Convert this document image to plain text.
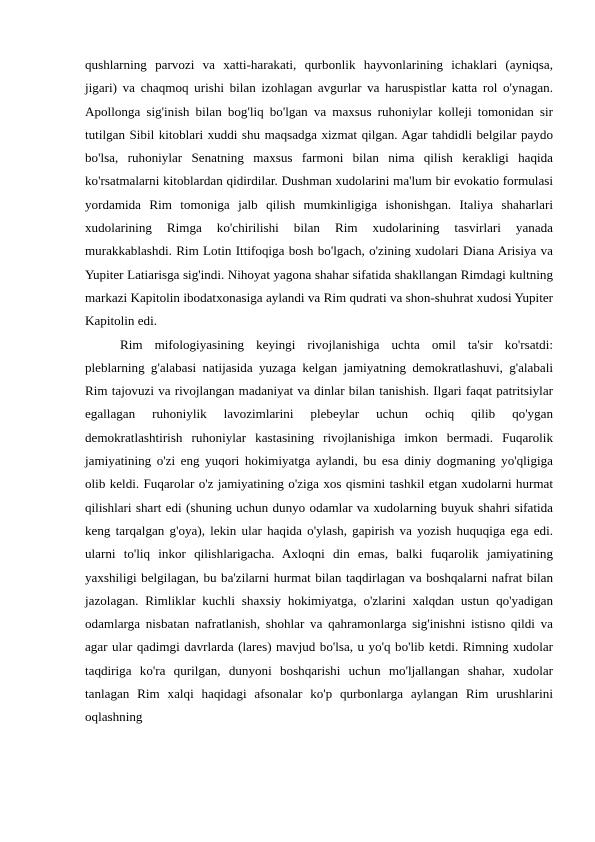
qushlarning parvozi va xatti-harakati, qurbonlik hayvonlarining ichaklari (ayniqsa, jigari) va chaqmoq urishi bilan izohlagan avgurlar va haruspistlar katta rol o'ynagan. Apollonga sig'inish bilan bog'liq bo'lgan va maxsus ruhoniylar kolleji tomonidan sir tutilgan Sibil kitoblari xuddi shu maqsadga xizmat qilgan. Agar tahdidli belgilar paydo bo'lsa, ruhoniylar Senatning maxsus farmoni bilan nima qilish kerakligi haqida ko'rsatmalarni kitoblardan qidirdilar. Dushman xudolarini ma'lum bir evokatio formulasi yordamida Rim tomoniga jalb qilish mumkinligiga ishonishgan. Italiya shaharlari xudolarining Rimga ko'chirilishi bilan Rim xudolarining tasvirlari yanada murakkablashdi. Rim Lotin Ittifoqiga bosh bo'lgach, o'zining xudolari Diana Arisiya va Yupiter Latiarisga sig'indi. Nihoyat yagona shahar sifatida shakllangan Rimdagi kultning markazi Kapitolin ibodatxonasiga aylandi va Rim qudrati va shon-shuhrat xudosi Yupiter Kapitolin edi.

Rim mifologiyasining keyingi rivojlanishiga uchta omil ta'sir ko'rsatdi: pleblarning g'alabasi natijasida yuzaga kelgan jamiyatning demokratlashuvi, g'alabali Rim tajovuzi va rivojlangan madaniyat va dinlar bilan tanishish. Ilgari faqat patritsiylar egallagan ruhoniylik lavozimlarini plebeylar uchun ochiq qilib qo'ygan demokratlashtirish ruhoniylar kastasining rivojlanishiga imkon bermadi. Fuqarolik jamiyatining o'zi eng yuqori hokimiyatga aylandi, bu esa diniy dogmaning yo'qligiga olib keldi. Fuqarolar o'z jamiyatining o'ziga xos qismini tashkil etgan xudolarni hurmat qilishlari shart edi (shuning uchun dunyo odamlar va xudolarning buyuk shahri sifatida keng tarqalgan g'oya), lekin ular haqida o'ylash, gapirish va yozish huquqiga ega edi. ularni to'liq inkor qilishlarigacha. Axloqni din emas, balki fuqarolik jamiyatining yaxshiligi belgilagan, bu ba'zilarni hurmat bilan taqdirlagan va boshqalarni nafrat bilan jazolagan. Rimliklar kuchli shaxsiy hokimiyatga, o'zlarini xalqdan ustun qo'yadigan odamlarga nisbatan nafratlanish, shohlar va qahramonlarga sig'inishni istisno qildi va agar ular qadimgi davrlarda (lares) mavjud bo'lsa, u yo'q bo'lib ketdi. Rimning xudolar taqdiriga ko'ra qurilgan, dunyoni boshqarishi uchun mo'ljallangan shahar, xudolar tanlagan Rim xalqi haqidagi afsonalar ko'p qurbonlarga aylangan Rim urushlarini oqlashning
